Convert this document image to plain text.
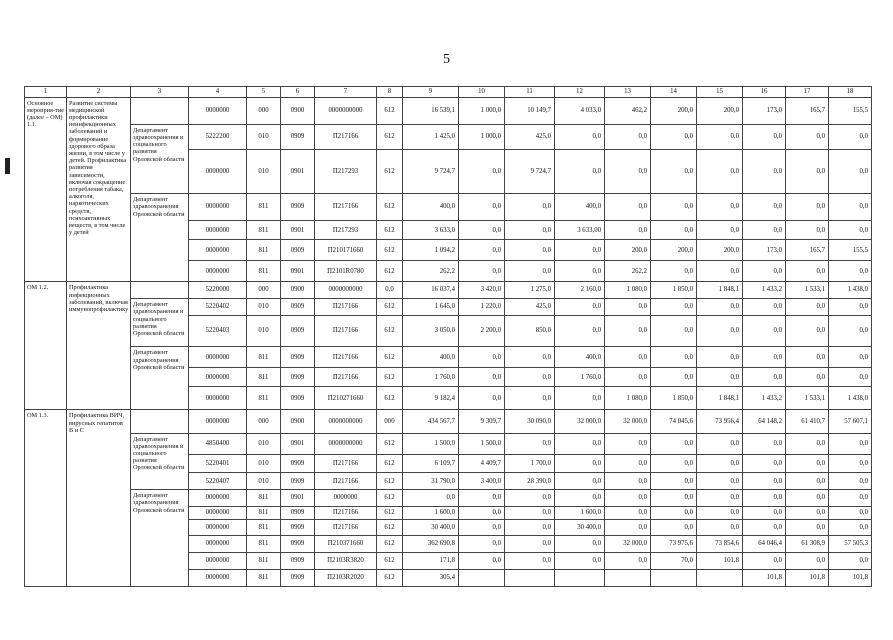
5
1	2	3	4	5	6	7	8	9	10	11	12	13	14	15	16	17	18
Основное мероприя-тие (далее – ОМ) 1.1.	Развитие системы медицинской профилактики неинфекционных заболеваний и формирование здорового образа жизни, в том числе у детей. Профилактика развития зависимости, включая сокращение потребления табака, алкоголя, наркотических средств, психоактивных веществ, в том числе у детей		0000000	000	0900	0000000000	612	16 539,1	1 000,0	10 149,7	4 033,0	462,2	200,0	200,0	173,0	165,7	155,5
		Департамент здравоохранения и социального развития Орловской области	5222200	010	0909	П217166	612	1 425,0	1 000,0	425,0	0,0	0,0	0,0	0,0	0,0	0,0	0,0
			0000000	010	0901	П217293	612	9 724,7	0,0	9 724,7	0,0	0,0	0,0	0,0	0,0	0,0	0,0
		Департамент здравоохранения Орловской области	0000000	811	0909	П217166	612	400,0	0,0	0,0	400,0	0,0	0,0	0,0	0,0	0,0	0,0
			0000000	811	0901	П217293	612	3 633,0	0,0	0,0	3 633,00	0,0	0,0	0,0	0,0	0,0	0,0
			0000000	811	0909	П210171660	612	1 094,2	0,0	0,0	0,0	200,0	200,0	200,0	173,0	165,7	155,5
			0000000	811	0901	П2101R0780	612	262,2	0,0	0,0	0,0	262,2	0,0	0,0	0,0	0,0	0,0
ОМ 1.2.	Профилактика инфекционных заболеваний, включая иммунопрофилактику		5220000	000	0900	0000000000	0,0	16 037,4	3 420,0	1 275,0	2 160,0	1 080,0	1 850,0	1 848,1	1 433,2	1 533,1	1 438,0
		Департамент здравоохранения и социального развития Орловской области	5220402	010	0909	П217166	612	1 645,0	1 220,0	425,0	0,0	0,0	0,0	0,0	0,0	0,0	0,0
			5220403	010	0909	П217166	612	3 050,0	2 200,0	850,0	0,0	0,0	0,0	0,0	0,0	0,0	0,0
		Департамент здравоохранения Орловской области	0000000	811	0909	П217166	612	400,0	0,0	0,0	400,0	0,0	0,0	0,0	0,0	0,0	0,0
			0000000	811	0909	П217166	612	1 760,0	0,0	0,0	1 760,0	0,0	0,0	0,0	0,0	0,0	0,0
			0000000	811	0909	П210271660	612	9 182,4	0,0	0,0	0,0	1 080,0	1 850,0	1 848,1	1 433,2	1 533,1	1 438,0
ОМ 1.3.	Профилактика ВИЧ, вирусных гепатитов В и С		0000000	000	0900	0000000000	000	434 567,7	9 309,7	30 090,0	32 000,0	32 000,0	74 045,6	73 956,4	64 148,2	61 410,7	57 607,1
		Департамент здравоохранения и социального развития Орловской области	4850400	010	0901	0000000000	612	1 500,0	1 500,0	0,0	0,0	0,0	0,0	0,0	0,0	0,0	0,0
			5220401	010	0909	П217166	612	6 109,7	4 409,7	1 700,0	0,0	0,0	0,0	0,0	0,0	0,0	0,0
			5220407	010	0909	П217166	612	31 790,0	3 400,0	28 390,0	0,0	0,0	0,0	0,0	0,0	0,0	0,0
		Департамент здравоохранения Орловской области	0000000	811	0901	0000000	612	0,0	0,0	0,0	0,0	0,0	0,0	0,0	0,0	0,0	0,0
			0000000	811	0909	П217166	612	1 600,0	0,0	0,0	1 600,0	0,0	0,0	0,0	0,0	0,0	0,0
			0000000	811	0909	П217166	612	30 400,0	0,0	0,0	30 400,0	0,0	0,0	0,0	0,0	0,0	0,0
			0000000	811	0909	П210371660	612	362 690,8	0,0	0,0	0,0	32 000,0	73 975,6	73 854,6	64 046,4	61 308,9	57 505,3
			0000000	811	0909	П2103R3820	612	171,8	0,0	0,0	0,0	0,0	70,0	101,8	0,0	0,0	0,0
			0000000	811	0909	П2103R2020	612	305,4							101,8	101,8	101,8
